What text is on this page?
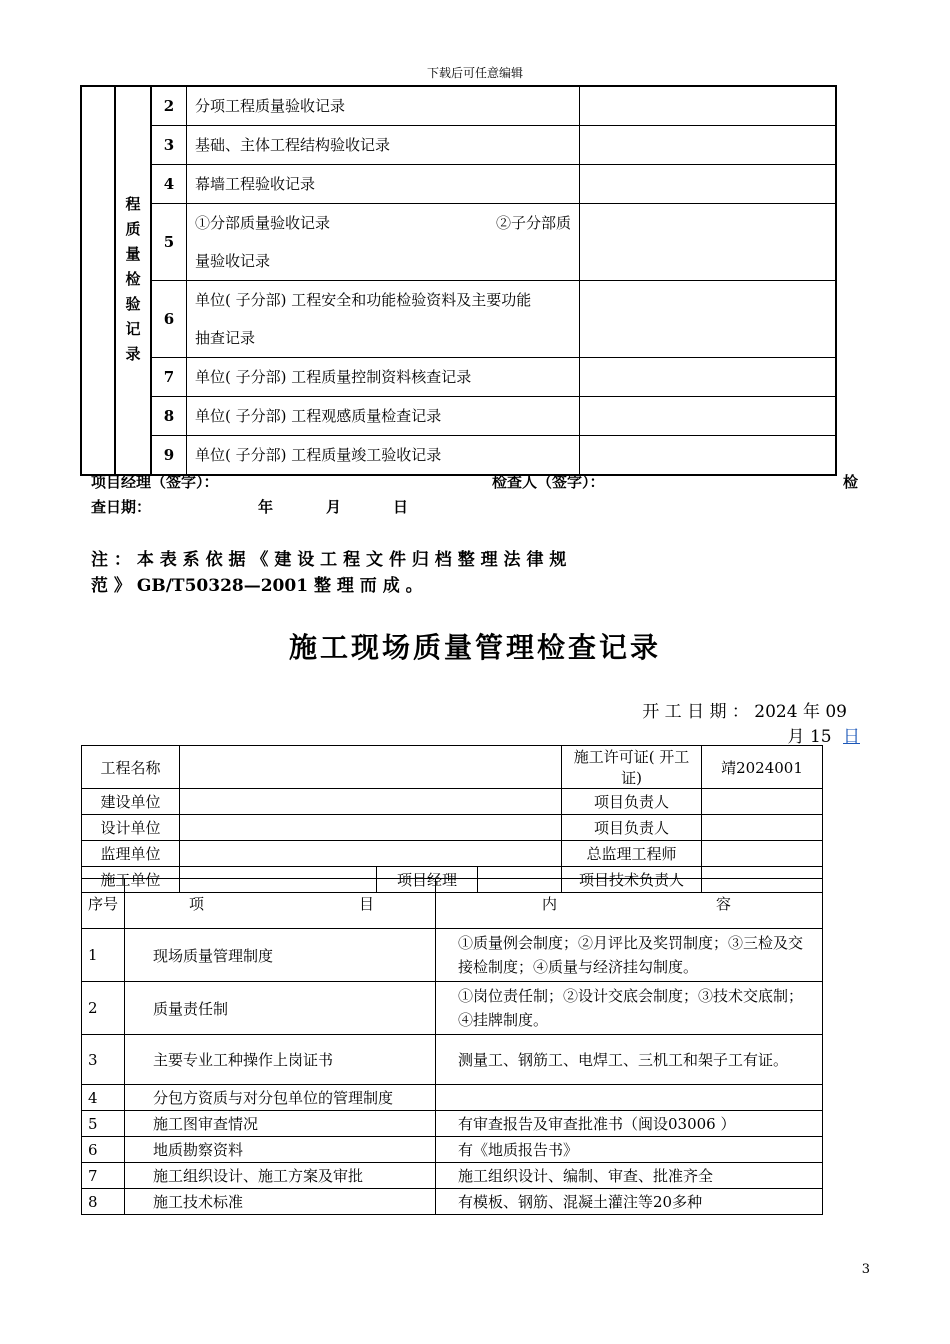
下载后可任意编辑

	程质量检验记录	2	分项工程质量验收记录	
		3	基础、主体工程结构验收记录	
		4	幕墙工程验收记录	
		5	①分部质量验收记录 ②子分部质
量验收记录	

		6	单位( 子分部) 工程安全和功能检验资料及主要功能
抽查记录	

		7	单位( 子分部) 工程质量控制资料核查记录	
		8	单位( 子分部) 工程观感质量检查记录	
		9	单位( 子分部) 工程质量竣工验收记录	
项目经理（签字）：	检查人（签字）：	检
查日期：	年	月	日
注 ： 本 表 系 依 据 《 建 设 工 程 文 件 归 档 整 理 法 律 规
范 》 GB/T50328—2001 整 理 而 成 。
施工现场质量管理检查记录
开 工 日 期 ： 2024 年 09
月 15 日
工程名称				施工许可证( 开工证)	靖2024001
建设单位				项目负责人	
设计单位				项目负责人	
监理单位				总监理工程师	
施工单位		项目经理		项目技术负责人	
序号	项 目	内 容

1	现场质量管理制度	①质量例会制度；②月评比及奖罚制度；③三检及交接检制度；④质量与经济挂勾制度。
2	质量责任制	①岗位责任制；②设计交底会制度；③技术交底制；④挂牌制度。
3	主要专业工种操作上岗证书	测量工、钢筋工、电焊工、三机工和架子工有证。
4	分包方资质与对分包单位的管理制度	
5	施工图审查情况	有审查报告及审查批准书（闽设03006 ）
6	地质勘察资料	有《地质报告书》
7	施工组织设计、施工方案及审批	施工组织设计、编制、审查、批准齐全
8	施工技术标准	有模板、钢筋、混凝土灌注等20多种
3
